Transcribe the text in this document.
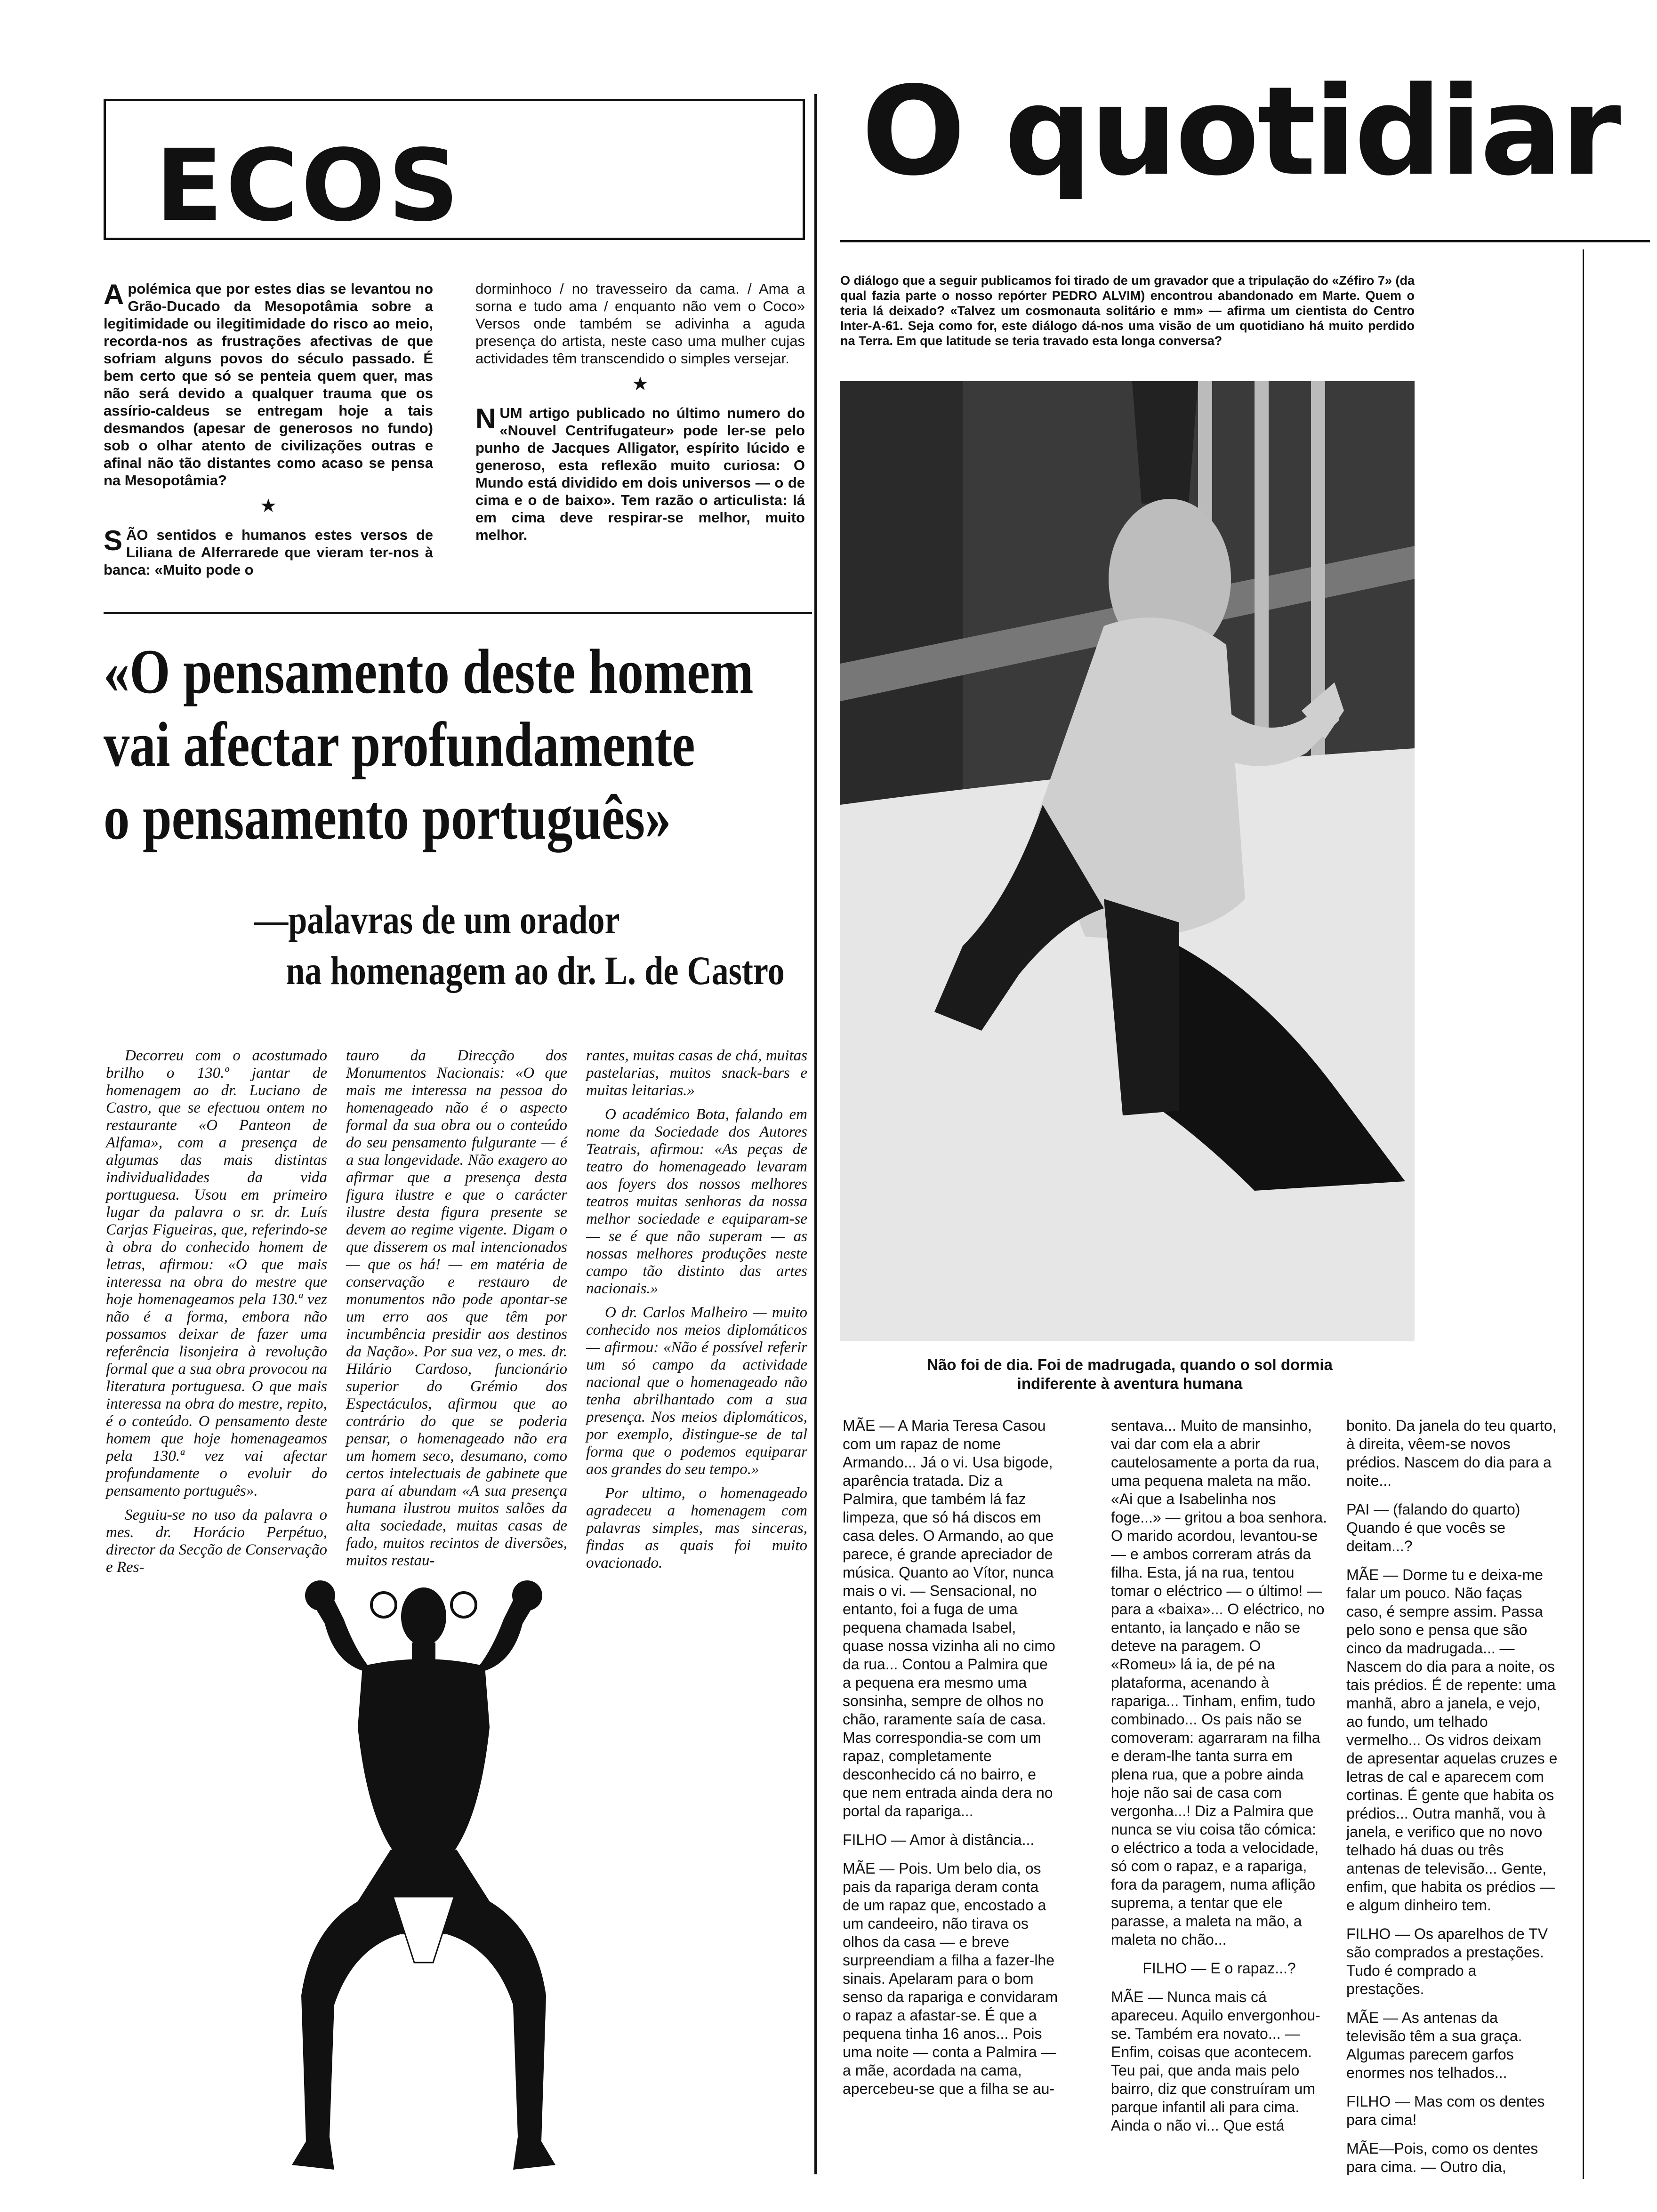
ECOS

A polémica que por estes dias se levantou no Grão-Ducado da Mesopotâmia sobre a legitimidade ou ilegitimidade do risco ao meio, recorda-nos as frustrações afectivas de que sofriam alguns povos do século passado. É bem certo que só se penteia quem quer, mas não será devido a qualquer trauma que os assírio-caldeus se entregam hoje a tais desmandos (apesar de generosos no fundo) sob o olhar atento de civilizações outras e afinal não tão distantes como acaso se pensa na Mesopotâmia?

★

SÃO sentidos e humanos estes versos de Liliana de Alferrarede que vieram ter-nos à banca: «Muito pode o

dorminhoco / no travesseiro da cama. / Ama a sorna e tudo ama / enquanto não vem o Coco» Versos onde também se adivinha a aguda presença do artista, neste caso uma mulher cujas actividades têm transcendido o simples versejar.

★

NUM artigo publicado no último numero do «Nouvel Centrifugateur» pode ler-se pelo punho de Jacques Alligator, espírito lúcido e generoso, esta reflexão muito curiosa: O Mundo está dividido em dois universos — o de cima e o de baixo». Tem razão o articulista: lá em cima deve respirar-se melhor, muito melhor.

«O pensamento deste homem
vai afectar profundamente
o pensamento português»
—palavras de um orador
na homenagem ao dr. L. de Castro

Decorreu com o acostumado brilho o 130.º jantar de homenagem ao dr. Luciano de Castro, que se efectuou ontem no restaurante «O Panteon de Alfama», com a presença de algumas das mais distintas individualidades da vida portuguesa. Usou em primeiro lugar da palavra o sr. dr. Luís Carjas Figueiras, que, referindo-se à obra do conhecido homem de letras, afirmou: «O que mais interessa na obra do mestre que hoje homenageamos pela 130.ª vez não é a forma, embora não possamos deixar de fazer uma referência lisonjeira à revolução formal que a sua obra provocou na literatura portuguesa. O que mais interessa na obra do mestre, repito, é o conteúdo. O pensamento deste homem que hoje homenageamos pela 130.ª vez vai afectar profundamente o evoluir do pensamento português».

Seguiu-se no uso da palavra o mes. dr. Horácio Perpétuo, director da Secção de Conservação e Res-

tauro da Direcção dos Monumentos Nacionais: «O que mais me interessa na pessoa do homenageado não é o aspecto formal da sua obra ou o conteúdo do seu pensamento fulgurante — é a sua longevidade. Não exagero ao afirmar que a presença desta figura ilustre e que o carácter ilustre desta figura presente se devem ao regime vigente. Digam o que disserem os mal intencionados — que os há! — em matéria de conservação e restauro de monumentos não pode apontar-se um erro aos que têm por incumbência presidir aos destinos da Nação». Por sua vez, o mes. dr. Hilário Cardoso, funcionário superior do Grémio dos Espectáculos, afirmou que ao contrário do que se poderia pensar, o homenageado não era um homem seco, desumano, como certos intelectuais de gabinete que para aí abundam «A sua presença humana ilustrou muitos salões da alta sociedade, muitas casas de fado, muitos recintos de diversões, muitos restau-

rantes, muitas casas de chá, muitas pastelarias, muitos snack-bars e muitas leitarias.»

O académico Bota, falando em nome da Sociedade dos Autores Teatrais, afirmou: «As peças de teatro do homenageado levaram aos foyers dos nossos melhores teatros muitas senhoras da nossa melhor sociedade e equiparam-se — se é que não superam — as nossas melhores produções neste campo tão distinto das artes nacionais.»

O dr. Carlos Malheiro — muito conhecido nos meios diplomáticos — afirmou: «Não é possível referir um só campo da actividade nacional que o homenageado não tenha abrilhantado com a sua presença. Nos meios diplomáticos, por exemplo, distingue-se de tal forma que o podemos equiparar aos grandes do seu tempo.»

Por ultimo, o homenageado agradeceu a homenagem com palavras simples, mas sinceras, findas as quais foi muito ovacionado.

O quotidiar
O diálogo que a seguir publicamos foi tirado de um gravador que a tripulação do «Zéfiro 7» (da qual fazia parte o nosso repórter PEDRO ALVIM) encontrou abandonado em Marte. Quem o teria lá deixado? «Talvez um cosmonauta solitário e mm» — afirma um cientista do Centro Inter-A-61. Seja como for, este diálogo dá-nos uma visão de um quotidiano há muito perdido na Terra. Em que latitude se teria travado esta longa conversa?
Não foi de dia. Foi de madrugada, quando o sol dormia
indiferente à aventura humana

MÃE — A Maria Teresa Casou com um rapaz de nome Armando... Já o vi. Usa bigode, aparência tratada. Diz a Palmira, que também lá faz limpeza, que só há discos em casa deles. O Armando, ao que parece, é grande apreciador de música. Quanto ao Vítor, nunca mais o vi. — Sensacional, no entanto, foi a fuga de uma pequena chamada Isabel, quase nossa vizinha ali no cimo da rua... Contou a Palmira que a pequena era mesmo uma sonsinha, sempre de olhos no chão, raramente saía de casa. Mas correspondia-se com um rapaz, completamente desconhecido cá no bairro, e que nem entrada ainda dera no portal da rapariga...

FILHO — Amor à distância...

MÃE — Pois. Um belo dia, os pais da rapariga deram conta de um rapaz que, encostado a um candeeiro, não tirava os olhos da casa — e breve surpreendiam a filha a fazer-lhe sinais. Apelaram para o bom senso da rapariga e convidaram o rapaz a afastar-se. É que a pequena tinha 16 anos... Pois uma noite — conta a Palmira — a mãe, acordada na cama, apercebeu-se que a filha se au-

sentava... Muito de mansinho, vai dar com ela a abrir cautelosamente a porta da rua, uma pequena maleta na mão. «Ai que a Isabelinha nos foge...» — gritou a boa senhora. O marido acordou, levantou-se — e ambos correram atrás da filha. Esta, já na rua, tentou tomar o eléctrico — o último! — para a «baixa»... O eléctrico, no entanto, ia lançado e não se deteve na paragem. O «Romeu» lá ia, de pé na plataforma, acenando à rapariga... Tinham, enfim, tudo combinado... Os pais não se comoveram: agarraram na filha e deram-lhe tanta surra em plena rua, que a pobre ainda hoje não sai de casa com vergonha...! Diz a Palmira que nunca se viu coisa tão cómica: o eléctrico a toda a velocidade, só com o rapaz, e a rapariga, fora da paragem, numa aflição suprema, a tentar que ele parasse, a maleta na mão, a maleta no chão...

FILHO — E o rapaz...?

MÃE — Nunca mais cá apareceu. Aquilo envergonhou-se. Também era novato... — Enfim, coisas que acontecem. Teu pai, que anda mais pelo bairro, diz que construíram um parque infantil ali para cima. Ainda o não vi... Que está

bonito. Da janela do teu quarto, à direita, vêem-se novos prédios. Nascem do dia para a noite...

PAI — (falando do quarto) Quando é que vocês se deitam...?

MÃE — Dorme tu e deixa-me falar um pouco. Não faças caso, é sempre assim. Passa pelo sono e pensa que são cinco da madrugada... — Nascem do dia para a noite, os tais prédios. É de repente: uma manhã, abro a janela, e vejo, ao fundo, um telhado vermelho... Os vidros deixam de apresentar aquelas cruzes e letras de cal e aparecem com cortinas. É gente que habita os prédios... Outra manhã, vou à janela, e verifico que no novo telhado há duas ou três antenas de televisão... Gente, enfim, que habita os prédios — e algum dinheiro tem.

FILHO — Os aparelhos de TV são comprados a prestações. Tudo é comprado a prestações.

MÃE — As antenas da televisão têm a sua graça. Algumas parecem garfos enormes nos telhados...

FILHO — Mas com os dentes para cima!

MÃE—Pois, como os dentes para cima. — Outro dia,
